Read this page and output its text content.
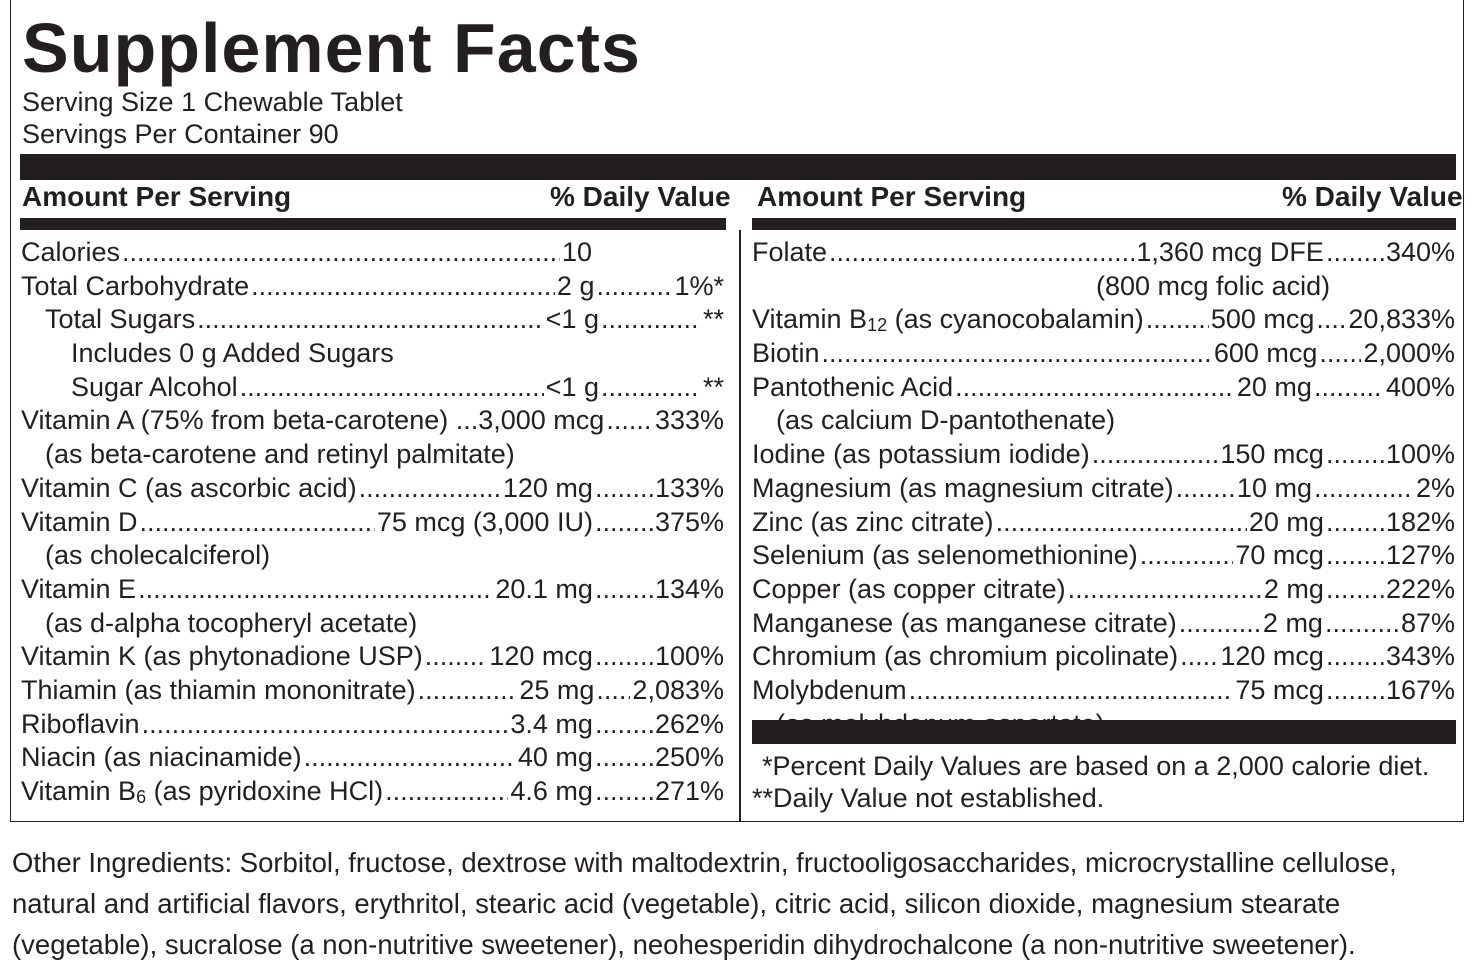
Supplement Facts
Serving Size 1 Chewable Tablet
Servings Per Container 90
Amount Per Serving	% Daily Value Amount Per Serving	% Daily Value
Calories .....	10
Total Carbohydrate .....	2 g .....	1%*
Total Sugars .....	<1 g .....	**
Includes 0 g Added Sugars
Sugar Alcohol .....	<1 g .....	**
Vitamin A (75% from beta-carotene) ... 3,000 mcg ..... 333%
(as beta-carotene and retinyl palmitate)
Vitamin C (as ascorbic acid) .....	120 mg ..... 133%
Vitamin D .....	75 mcg (3,000 IU) ..... 375%
(as cholecalciferol)
Vitamin E .....	20.1 mg ..... 134%
(as d-alpha tocopheryl acetate)
Vitamin K (as phytonadione USP) ..... 120 mcg ..... 100%
Thiamin (as thiamin mononitrate) .....	25 mg ..... 2,083%
Riboflavin .....	3.4 mg ..... 262%
Niacin (as niacinamide) .....	40 mg ..... 250%
Vitamin $B_6$ (as pyridoxine HCl) .....	4.6 mg ..... 271%
Folate .....	1,360 mcg DFE ..... 340%
(800 mcg folic acid)
Vitamin $B_{12}$ (as cyanocobalamin) ..... 500 mcg ..... 20,833%
Biotin .....	600 mcg ..... 2,000%
Pantothenic Acid .....	20 mg .....	400%
(as calcium D-pantothenate)
Iodine (as potassium iodide) .....	150 mcg ..... 100%
Magnesium (as magnesium citrate) ..... 10 mg .....	2%
Zinc (as zinc citrate) .....	20 mg ..... 182%
Selenium (as selenomethionine) .....	70 mcg ..... 127%
Copper (as copper citrate) .....	2 mg ..... 222%
Manganese (as manganese citrate) .....	2 mg .....	87%
Chromium (as chromium picolinate) ..... 120 mcg ..... 343%
Molybdenum .....	75 mcg ..... 167%
*Percent Daily Values are based on a 2,000 calorie diet.
**Daily Value not established.
Other Ingredients: Sorbitol, fructose, dextrose with maltodextrin, fructooligosaccharides, microcrystalline cellulose, natural and artificial flavors, erythritol, stearic acid (vegetable), citric acid, silicon dioxide, magnesium stearate (vegetable), sucralose (a non-nutritive sweetener), neohesperidin dihydrochalcone (a non-nutritive sweetener).
